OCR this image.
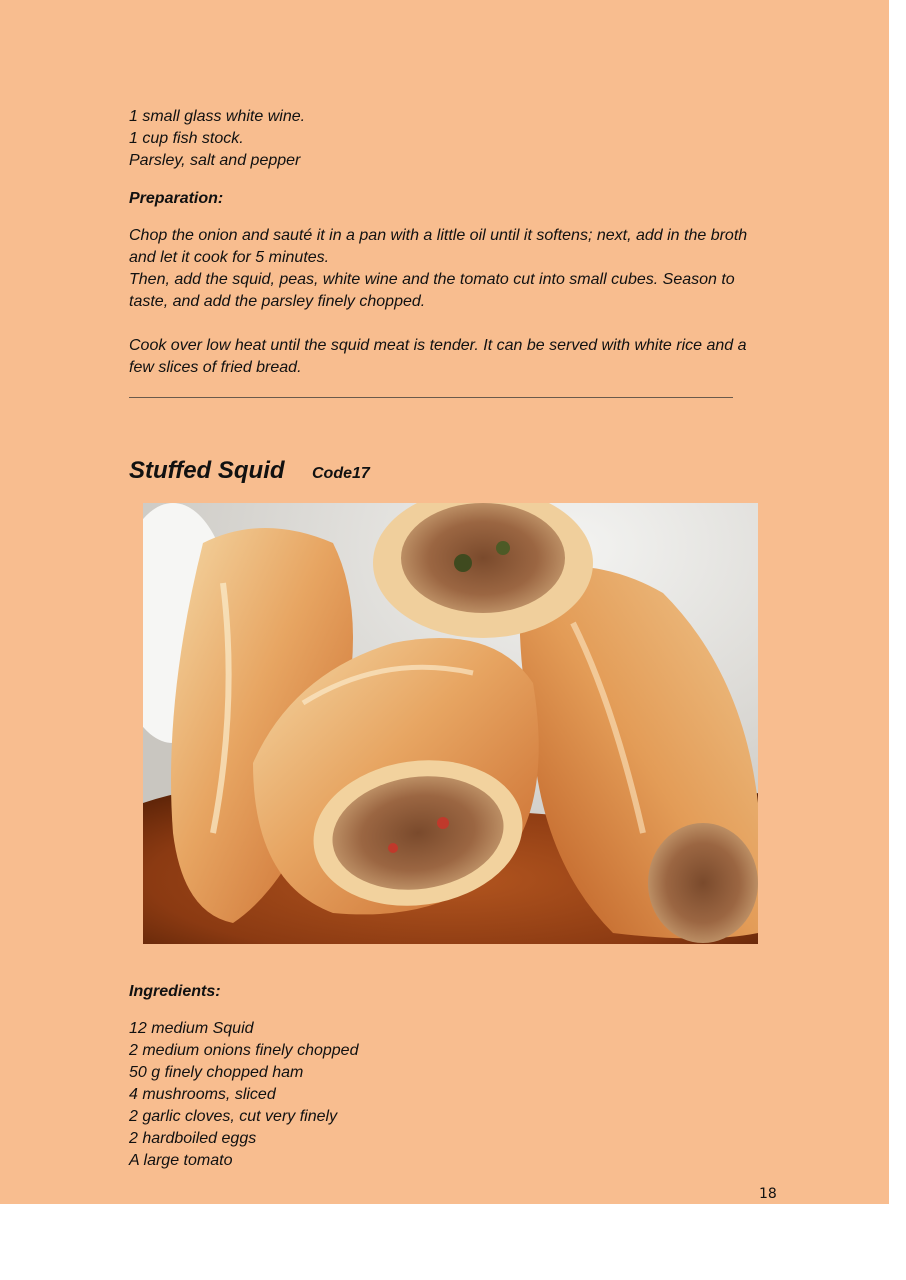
1 small glass white wine.
1 cup fish stock.
Parsley, salt and pepper
Preparation:
Chop the onion and sauté it in a pan with a little oil until it softens; next, add in the broth
and let it cook for 5 minutes.
Then, add the squid, peas, white wine and the tomato cut into small cubes. Season to
taste, and add the parsley finely chopped.
Cook over low heat until the squid meat is tender. It can be served with white rice and a
few slices of fried bread.
Stuffed Squid Code17
Ingredients:
12 medium Squid
2 medium onions finely chopped
50 g finely chopped ham
4 mushrooms, sliced
2 garlic cloves, cut very finely
2 hardboiled eggs
A large tomato
18
